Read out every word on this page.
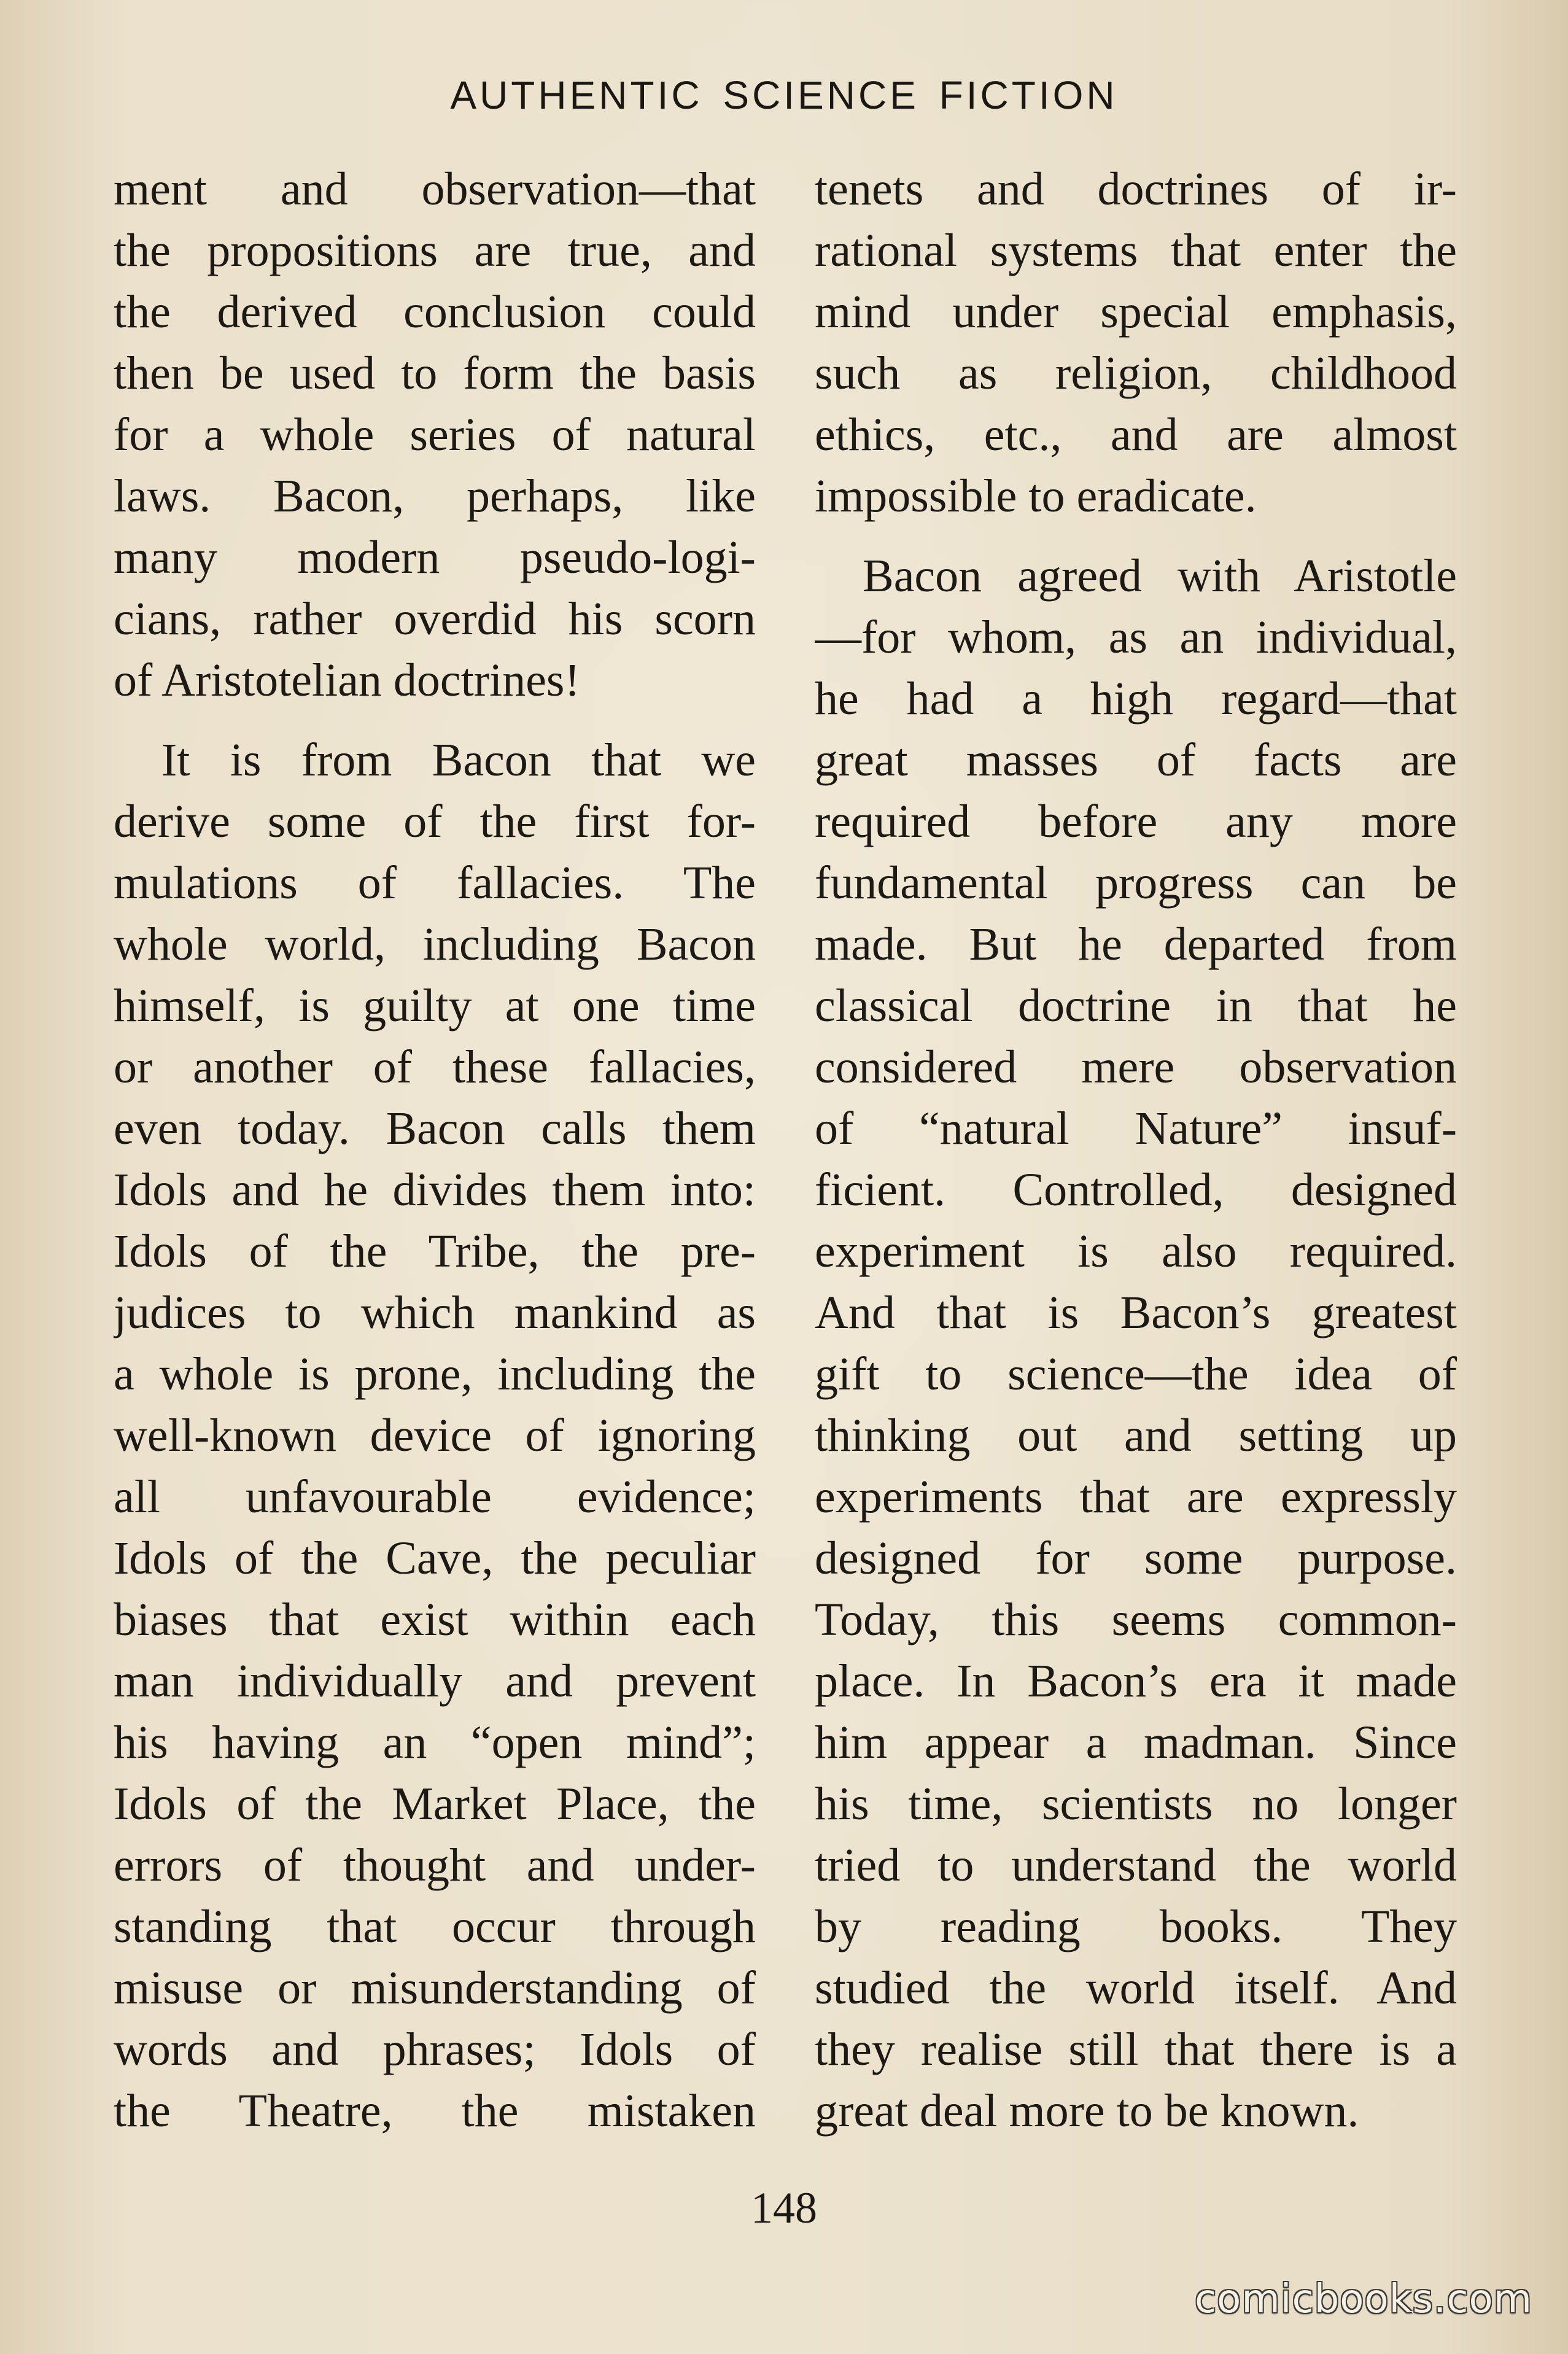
AUTHENTIC SCIENCE FICTION
ment and observation—that
the propositions are true, and
the derived conclusion could
then be used to form the basis
for a whole series of natural
laws. Bacon, perhaps, like
many modern pseudo-logi-
cians, rather overdid his scorn
of Aristotelian doctrines!
It is from Bacon that we
derive some of the first for-
mulations of fallacies. The
whole world, including Bacon
himself, is guilty at one time
or another of these fallacies,
even today. Bacon calls them
Idols and he divides them into:
Idols of the Tribe, the pre-
judices to which mankind as
a whole is prone, including the
well-known device of ignoring
all unfavourable evidence;
Idols of the Cave, the peculiar
biases that exist within each
man individually and prevent
his having an “open mind”;
Idols of the Market Place, the
errors of thought and under-
standing that occur through
misuse or misunderstanding of
words and phrases; Idols of
the Theatre, the mistaken
tenets and doctrines of ir-
rational systems that enter the
mind under special emphasis,
such as religion, childhood
ethics, etc., and are almost
impossible to eradicate.
Bacon agreed with Aristotle
—for whom, as an individual,
he had a high regard—that
great masses of facts are
required before any more
fundamental progress can be
made. But he departed from
classical doctrine in that he
considered mere observation
of “natural Nature” insuf-
ficient. Controlled, designed
experiment is also required.
And that is Bacon’s greatest
gift to science—the idea of
thinking out and setting up
experiments that are expressly
designed for some purpose.
Today, this seems common-
place. In Bacon’s era it made
him appear a madman. Since
his time, scientists no longer
tried to understand the world
by reading books. They
studied the world itself. And
they realise still that there is a
great deal more to be known.
148
comicbooks.com
